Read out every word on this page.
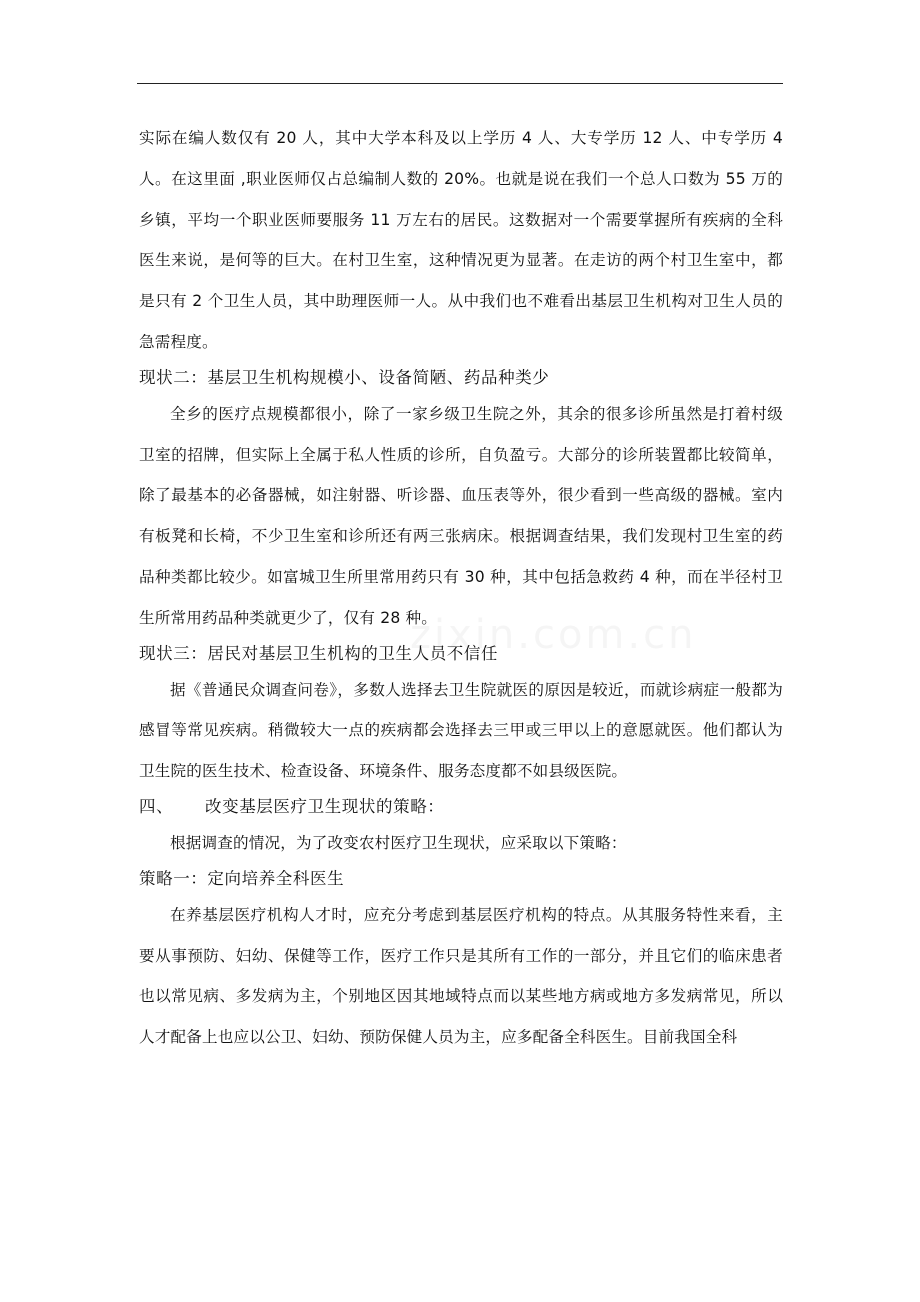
实际在编人数仅有 20 人，其中大学本科及以上学历 4 人、大专学历 12 人、中专学历 4 人。在这里面 ,职业医师仅占总编制人数的 20%。也就是说在我们一个总人口数为 55 万的乡镇，平均一个职业医师要服务 11 万左右的居民。这数据对一个需要掌握所有疾病的全科医生来说，是何等的巨大。在村卫生室，这种情况更为显著。在走访的两个村卫生室中，都是只有 2 个卫生人员，其中助理医师一人。从中我们也不难看出基层卫生机构对卫生人员的急需程度。

现状二：基层卫生机构规模小、设备简陋、药品种类少

全乡的医疗点规模都很小，除了一家乡级卫生院之外，其余的很多诊所虽然是打着村级卫室的招牌，但实际上全属于私人性质的诊所，自负盈亏。大部分的诊所装置都比较简单，除了最基本的必备器械，如注射器、听诊器、血压表等外，很少看到一些高级的器械。室内有板凳和长椅，不少卫生室和诊所还有两三张病床。根据调查结果，我们发现村卫生室的药品种类都比较少。如富城卫生所里常用药只有 30 种，其中包括急救药 4 种，而在半径村卫生所常用药品种类就更少了，仅有 28 种。

现状三：居民对基层卫生机构的卫生人员不信任

据《普通民众调查问卷》，多数人选择去卫生院就医的原因是较近，而就诊病症一般都为感冒等常见疾病。稍微较大一点的疾病都会选择去三甲或三甲以上的意愿就医。他们都认为卫生院的医生技术、检查设备、环境条件、服务态度都不如县级医院。

四、 改变基层医疗卫生现状的策略：

根据调查的情况，为了改变农村医疗卫生现状，应采取以下策略：

策略一：定向培养全科医生

在养基层医疗机构人才时，应充分考虑到基层医疗机构的特点。从其服务特性来看，主要从事预防、妇幼、保健等工作，医疗工作只是其所有工作的一部分，并且它们的临床患者也以常见病、多发病为主，个别地区因其地域特点而以某些地方病或地方多发病常见，所以人才配备上也应以公卫、妇幼、预防保健人员为主，应多配备全科医生。目前我国全科

zixin.com.cn
